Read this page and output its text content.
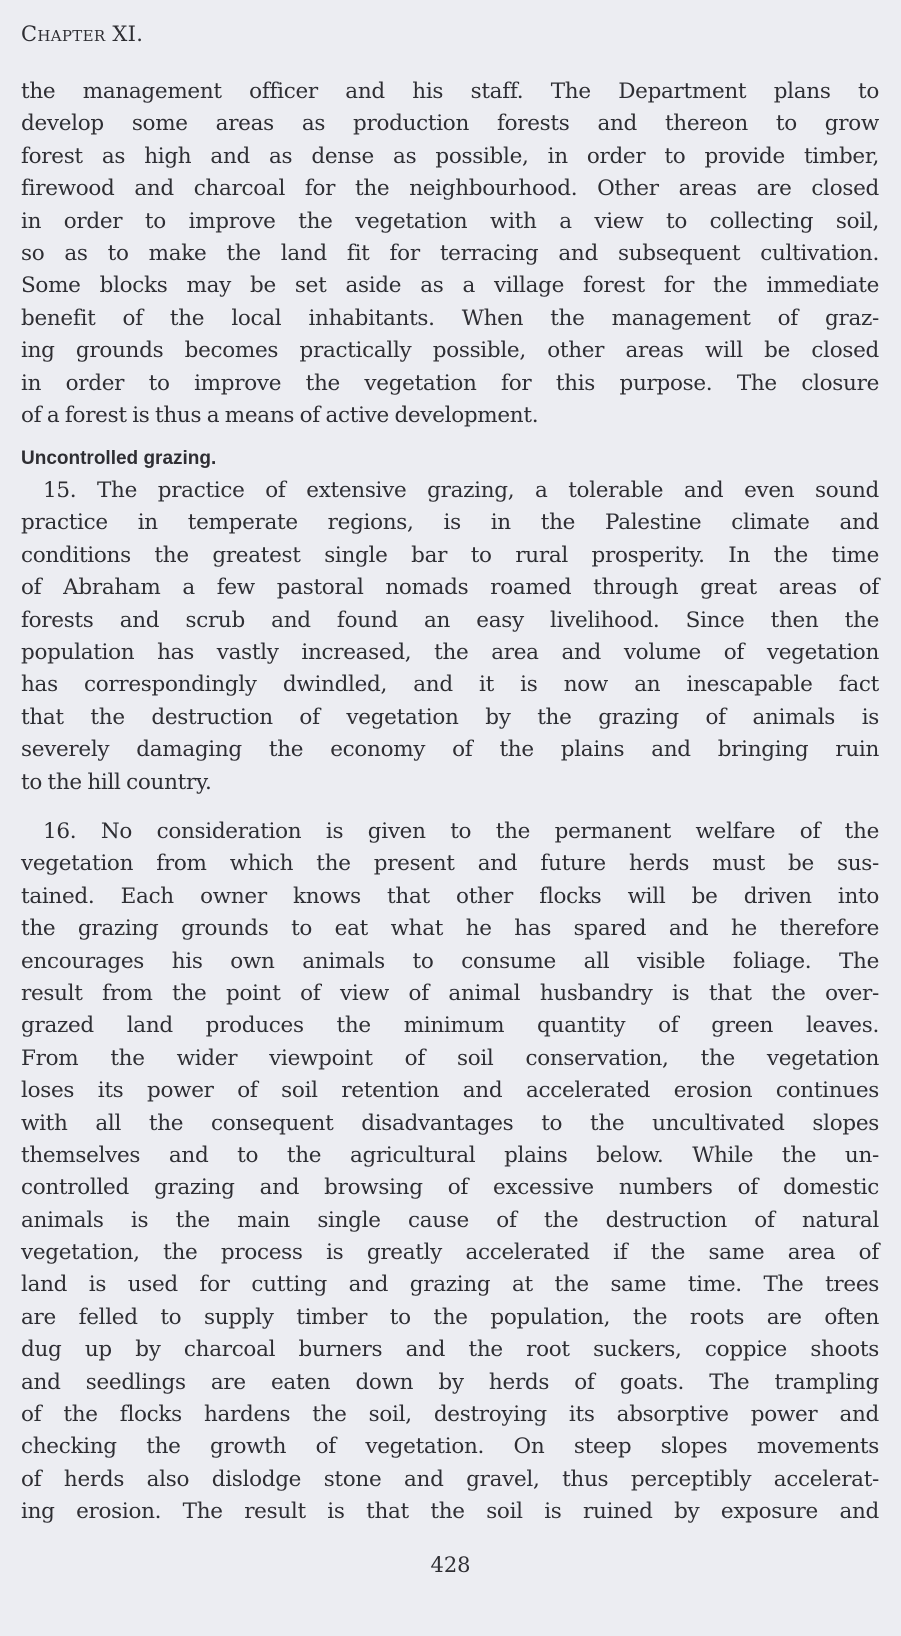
Chapter XI.
the management officer and his staff. The Department plans to
develop some areas as production forests and thereon to grow
forest as high and as dense as possible, in order to provide timber,
firewood and charcoal for the neighbourhood. Other areas are closed
in order to improve the vegetation with a view to collecting soil,
so as to make the land fit for terracing and subsequent cultivation.
Some blocks may be set aside as a village forest for the immediate
benefit of the local inhabitants. When the management of graz-
ing grounds becomes practically possible, other areas will be closed
in order to improve the vegetation for this purpose. The closure
of a forest is thus a means of active development.
Uncontrolled grazing.
15. The practice of extensive grazing, a tolerable and even sound
practice in temperate regions, is in the Palestine climate and
conditions the greatest single bar to rural prosperity. In the time
of Abraham a few pastoral nomads roamed through great areas of
forests and scrub and found an easy livelihood. Since then the
population has vastly increased, the area and volume of vegetation
has correspondingly dwindled, and it is now an inescapable fact
that the destruction of vegetation by the grazing of animals is
severely damaging the economy of the plains and bringing ruin
to the hill country.
16. No consideration is given to the permanent welfare of the
vegetation from which the present and future herds must be sus-
tained. Each owner knows that other flocks will be driven into
the grazing grounds to eat what he has spared and he therefore
encourages his own animals to consume all visible foliage. The
result from the point of view of animal husbandry is that the over-
grazed land produces the minimum quantity of green leaves.
From the wider viewpoint of soil conservation, the vegetation
loses its power of soil retention and accelerated erosion continues
with all the consequent disadvantages to the uncultivated slopes
themselves and to the agricultural plains below. While the un-
controlled grazing and browsing of excessive numbers of domestic
animals is the main single cause of the destruction of natural
vegetation, the process is greatly accelerated if the same area of
land is used for cutting and grazing at the same time. The trees
are felled to supply timber to the population, the roots are often
dug up by charcoal burners and the root suckers, coppice shoots
and seedlings are eaten down by herds of goats. The trampling
of the flocks hardens the soil, destroying its absorptive power and
checking the growth of vegetation. On steep slopes movements
of herds also dislodge stone and gravel, thus perceptibly accelerat-
ing erosion. The result is that the soil is ruined by exposure and
428
